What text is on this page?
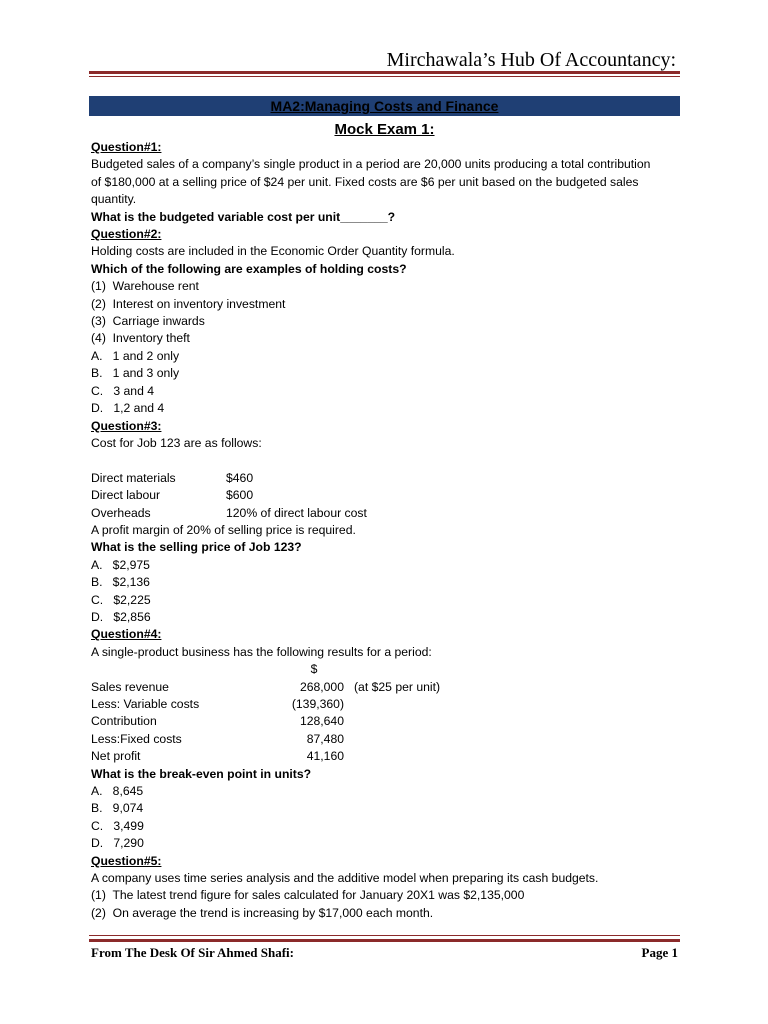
Mirchawala’s Hub Of Accountancy:
MA2:Managing Costs and Finance
Mock Exam 1:
Question#1:
Budgeted sales of a company’s single product in a period are 20,000 units producing a total contribution
of $180,000 at a selling price of $24 per unit. Fixed costs are $6 per unit based on the budgeted sales
quantity.
What is the budgeted variable cost per unit_______?
Question#2:
Holding costs are included in the Economic Order Quantity formula.
Which of the following are examples of holding costs?
(1)  Warehouse rent
(2)  Interest on inventory investment
(3)  Carriage inwards
(4)  Inventory theft
A.   1 and 2 only
B.   1 and 3 only
C.   3 and 4
D.   1,2 and 4
Question#3:
Cost for Job 123 are as follows:
Direct materials	$460
Direct labour	$600
Overheads	120% of direct labour cost
A profit margin of 20% of selling price is required.
What is the selling price of Job 123?
A.   $2,975
B.   $2,136
C.   $2,225
D.   $2,856
Question#4:
A single-product business has the following results for a period:
$
Sales revenue	268,000 (at $25 per unit)
Less: Variable costs	(139,360)
Contribution	128,640
Less:Fixed costs	87,480
Net profit	41,160
What is the break-even point in units?
A.   8,645
B.   9,074
C.   3,499
D.   7,290
Question#5:
A company uses time series analysis and the additive model when preparing its cash budgets.
(1)  The latest trend figure for sales calculated for January 20X1 was $2,135,000
(2)  On average the trend is increasing by $17,000 each month.
From The Desk Of Sir Ahmed Shafi:	Page 1
